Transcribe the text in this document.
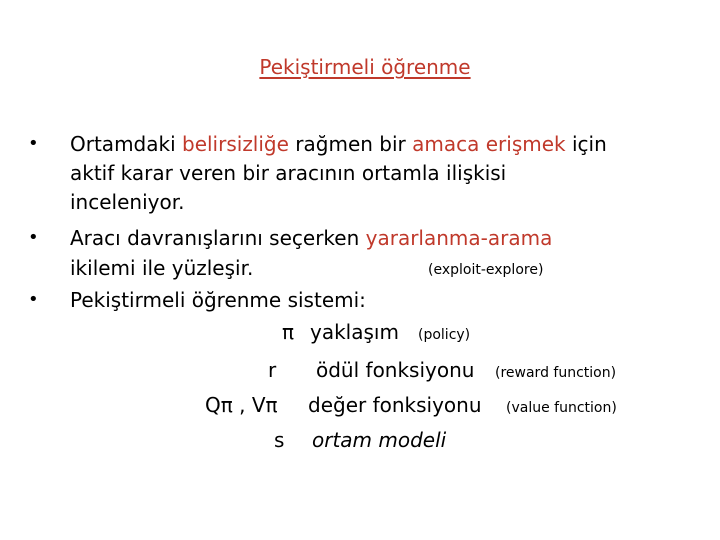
Pekiştirmeli öğrenme
• Ortamdaki belirsizliğe rağmen bir amaca erişmek için
aktif karar veren bir aracının ortamla ilişkisi
inceleniyor.
• Aracı davranışlarını seçerken yararlanma-arama
ikilemi ile yüzleşir.	(exploit-explore)
• Pekiştirmeli öğrenme sistemi:
π yaklaşım (policy)
r ödül fonksiyonu (reward function)
Qπ , Vπ değer fonksiyonu (value function)
s ortam modeli
